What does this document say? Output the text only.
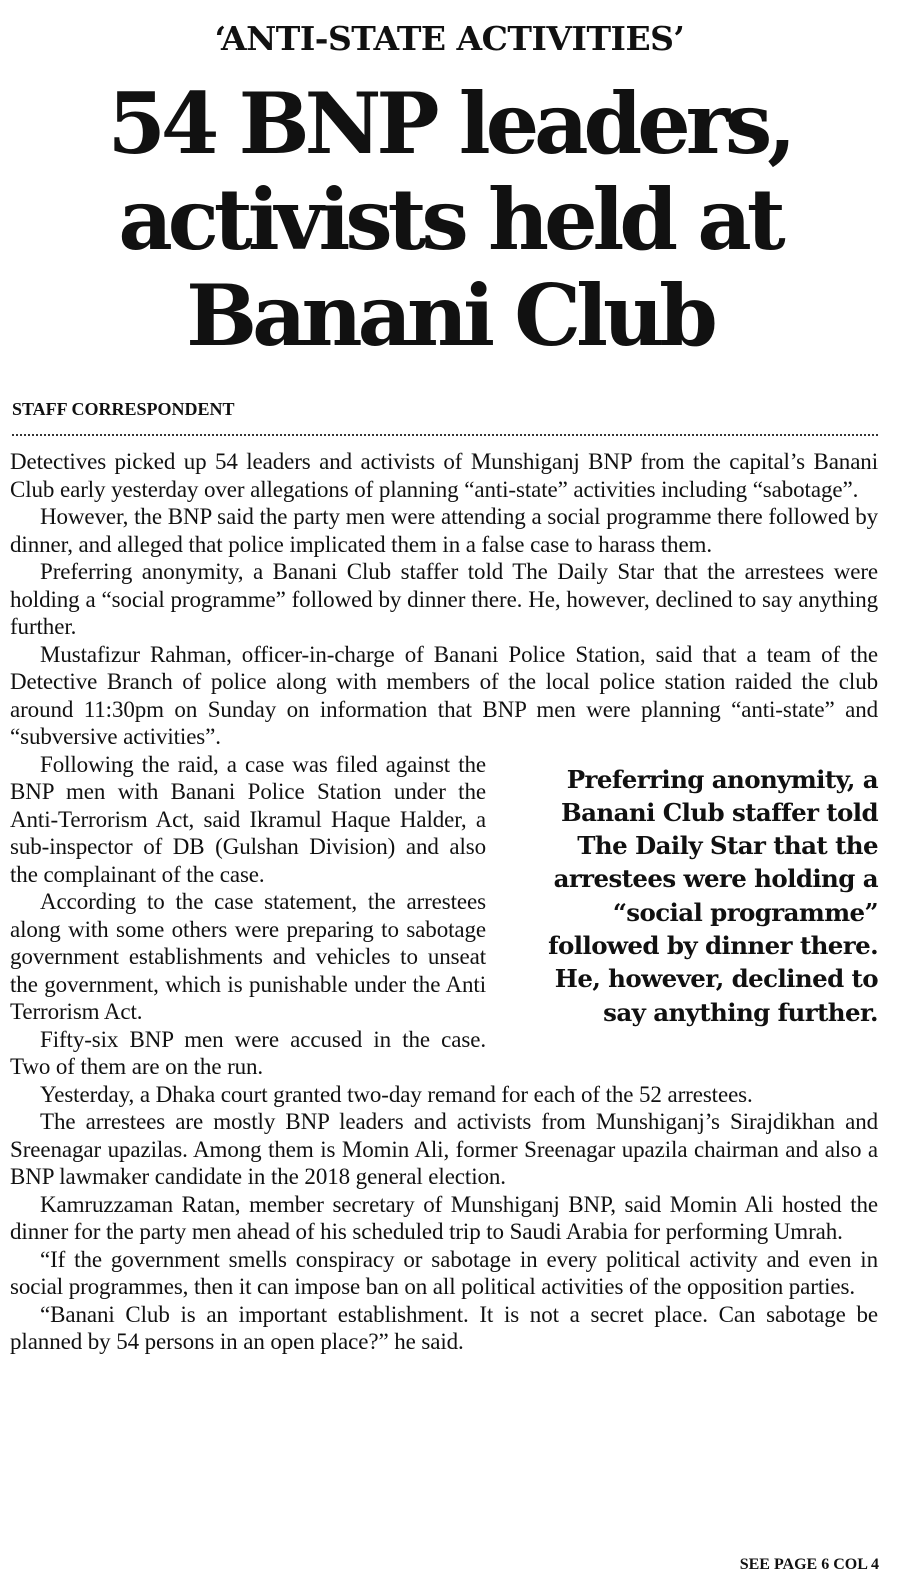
‘ANTI-STATE ACTIVITIES’
54 BNP leaders, activists held at Banani Club
STAFF CORRESPONDENT

Detectives picked up 54 leaders and activists of Munshiganj BNP from the capital’s Banani Club early yesterday over allegations of planning “anti-state” activities including “sabotage”.

However, the BNP said the party men were attending a social programme there followed by dinner, and alleged that police implicated them in a false case to harass them.

Preferring anonymity, a Banani Club staffer told The Daily Star that the arrestees were holding a “social programme” followed by dinner there. He, however, declined to say anything further.

Mustafizur Rahman, officer-in-charge of Banani Police Station, said that a team of the Detective Branch of police along with members of the local police station raided the club around 11:30pm on Sunday on information that BNP men were planning “anti-state” and “subversive activities”.

Preferring anonymity, a Banani Club staffer told The Daily Star that the arrestees were holding a “social programme” followed by dinner there. He, however, declined to say anything further.

Following the raid, a case was filed against the BNP men with Banani Police Station under the Anti-Terrorism Act, said Ikramul Haque Halder, a sub-inspector of DB (Gulshan Division) and also the complainant of the case.

According to the case statement, the arrestees along with some others were preparing to sabotage government establishments and vehicles to unseat the government, which is punishable under the Anti Terrorism Act.

Fifty-six BNP men were accused in the case. Two of them are on the run.

Yesterday, a Dhaka court granted two-day remand for each of the 52 arrestees.

The arrestees are mostly BNP leaders and activists from Munshiganj’s Sirajdikhan and Sreenagar upazilas. Among them is Momin Ali, former Sreenagar upazila chairman and also a BNP lawmaker candidate in the 2018 general election.

Kamruzzaman Ratan, member secretary of Munshiganj BNP, said Momin Ali hosted the dinner for the party men ahead of his scheduled trip to Saudi Arabia for performing Umrah.

“If the government smells conspiracy or sabotage in every political activity and even in social programmes, then it can impose ban on all political activities of the opposition parties.

“Banani Club is an important establishment. It is not a secret place. Can sabotage be planned by 54 persons in an open place?” he said.

SEE PAGE 6 COL 4
